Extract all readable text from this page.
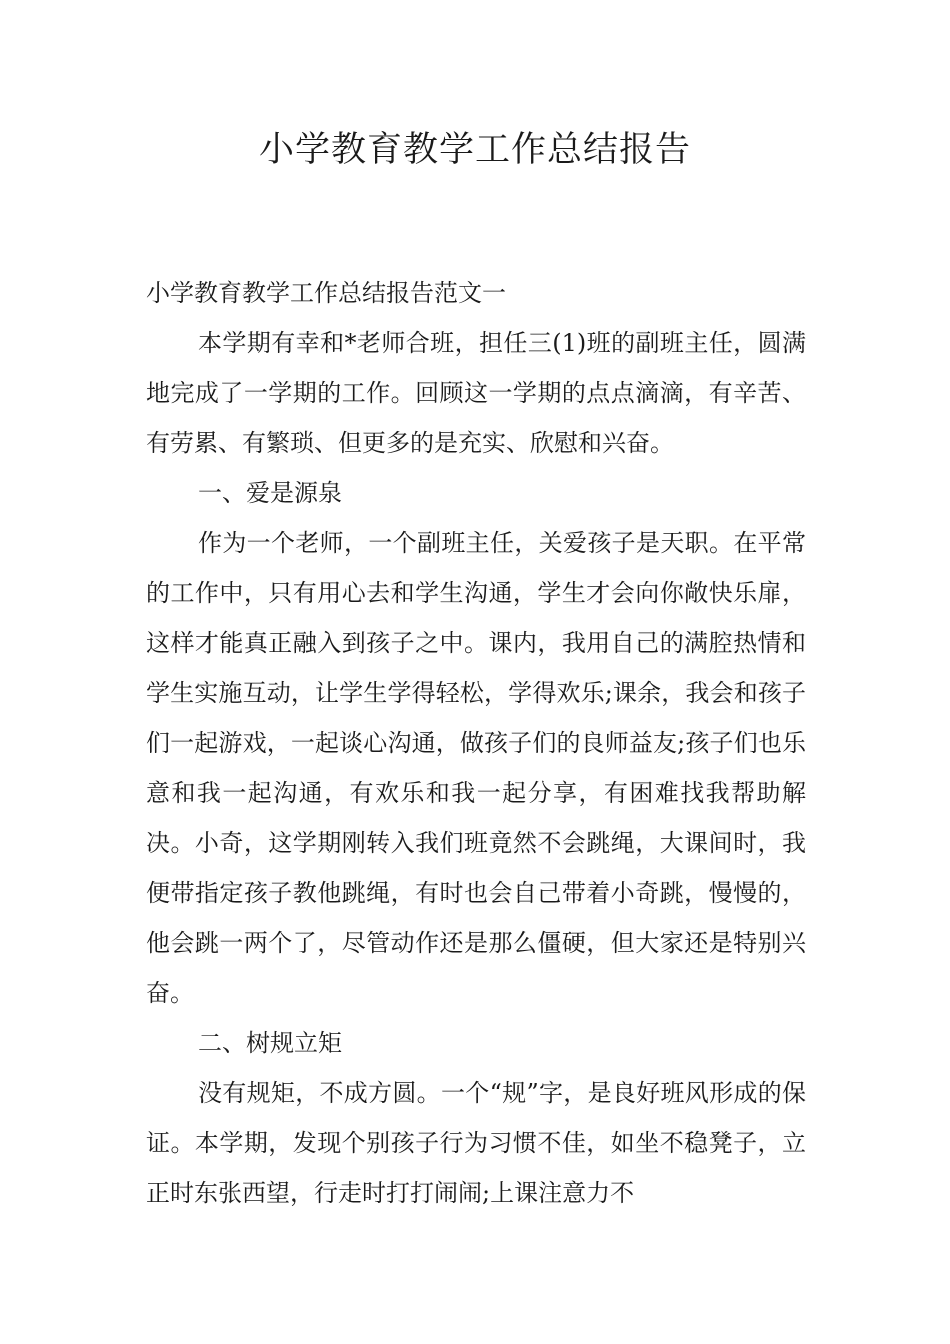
小学教育教学工作总结报告

小学教育教学工作总结报告范文一

本学期有幸和*老师合班，担任三(1)班的副班主任，圆满地完成了一学期的工作。回顾这一学期的点点滴滴，有辛苦、有劳累、有繁琐、但更多的是充实、欣慰和兴奋。

一、爱是源泉

作为一个老师，一个副班主任，关爱孩子是天职。在平常的工作中，只有用心去和学生沟通，学生才会向你敞快乐扉，这样才能真正融入到孩子之中。课内，我用自己的满腔热情和学生实施互动，让学生学得轻松，学得欢乐;课余，我会和孩子们一起游戏，一起谈心沟通，做孩子们的良师益友;孩子们也乐意和我一起沟通，有欢乐和我一起分享，有困难找我帮助解决。小奇，这学期刚转入我们班竟然不会跳绳，大课间时，我便带指定孩子教他跳绳，有时也会自己带着小奇跳，慢慢的，他会跳一两个了，尽管动作还是那么僵硬，但大家还是特别兴奋。

二、树规立矩

没有规矩，不成方圆。一个“规”字，是良好班风形成的保证。本学期，发现个别孩子行为习惯不佳，如坐不稳凳子，立正时东张西望，行走时打打闹闹;上课注意力不
